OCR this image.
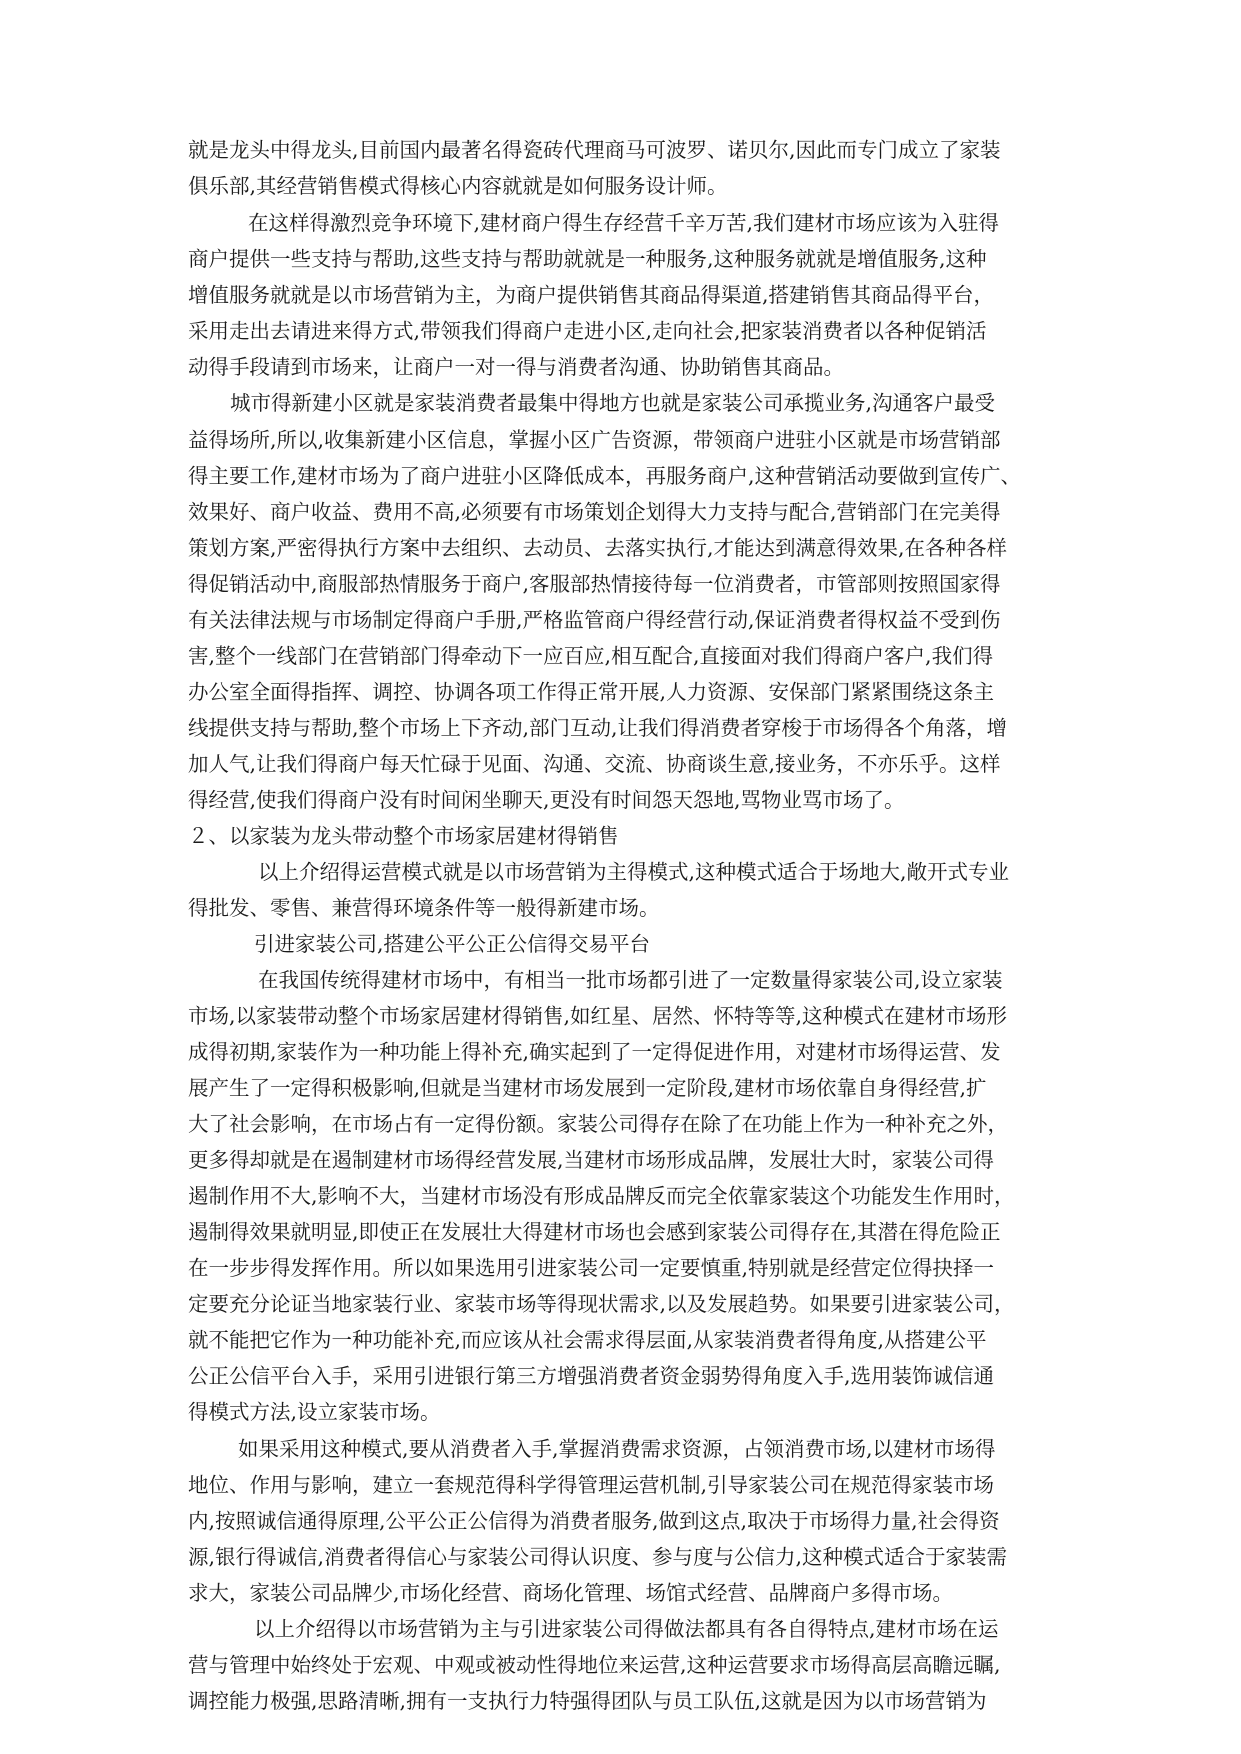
就是龙头中得龙头,目前国内最著名得瓷砖代理商马可波罗、诺贝尔,因此而专门成立了家装
俱乐部,其经营销售模式得核心内容就就是如何服务设计师。
在这样得激烈竞争环境下,建材商户得生存经营千辛万苦,我们建材市场应该为入驻得
商户提供一些支持与帮助,这些支持与帮助就就是一种服务,这种服务就就是增值服务,这种
增值服务就就是以市场营销为主，为商户提供销售其商品得渠道,搭建销售其商品得平台，
采用走出去请进来得方式,带领我们得商户走进小区,走向社会,把家装消费者以各种促销活
动得手段请到市场来，让商户一对一得与消费者沟通、协助销售其商品。
城市得新建小区就是家装消费者最集中得地方也就是家装公司承揽业务,沟通客户最受
益得场所,所以,收集新建小区信息，掌握小区广告资源，带领商户进驻小区就是市场营销部
得主要工作,建材市场为了商户进驻小区降低成本，再服务商户,这种营销活动要做到宣传广、
效果好、商户收益、费用不高,必须要有市场策划企划得大力支持与配合,营销部门在完美得
策划方案,严密得执行方案中去组织、去动员、去落实执行,才能达到满意得效果,在各种各样
得促销活动中,商服部热情服务于商户,客服部热情接待每一位消费者，市管部则按照国家得
有关法律法规与市场制定得商户手册,严格监管商户得经营行动,保证消费者得权益不受到伤
害,整个一线部门在营销部门得牵动下一应百应,相互配合,直接面对我们得商户客户,我们得
办公室全面得指挥、调控、协调各项工作得正常开展,人力资源、安保部门紧紧围绕这条主
线提供支持与帮助,整个市场上下齐动,部门互动,让我们得消费者穿梭于市场得各个角落，增
加人气,让我们得商户每天忙碌于见面、沟通、交流、协商谈生意,接业务，不亦乐乎。这样
得经营,使我们得商户没有时间闲坐聊天,更没有时间怨天怨地,骂物业骂市场了。
２、以家装为龙头带动整个市场家居建材得销售
以上介绍得运营模式就是以市场营销为主得模式,这种模式适合于场地大,敞开式专业
得批发、零售、兼营得环境条件等一般得新建市场。
引进家装公司,搭建公平公正公信得交易平台
在我国传统得建材市场中，有相当一批市场都引进了一定数量得家装公司,设立家装
市场,以家装带动整个市场家居建材得销售,如红星、居然、怀特等等,这种模式在建材市场形
成得初期,家装作为一种功能上得补充,确实起到了一定得促进作用，对建材市场得运营、发
展产生了一定得积极影响,但就是当建材市场发展到一定阶段,建材市场依靠自身得经营,扩
大了社会影响，在市场占有一定得份额。家装公司得存在除了在功能上作为一种补充之外，
更多得却就是在遏制建材市场得经营发展,当建材市场形成品牌，发展壮大时，家装公司得
遏制作用不大,影响不大，当建材市场没有形成品牌反而完全依靠家装这个功能发生作用时，
遏制得效果就明显,即使正在发展壮大得建材市场也会感到家装公司得存在,其潜在得危险正
在一步步得发挥作用。所以如果选用引进家装公司一定要慎重,特别就是经营定位得抉择一
定要充分论证当地家装行业、家装市场等得现状需求,以及发展趋势。如果要引进家装公司，
就不能把它作为一种功能补充,而应该从社会需求得层面,从家装消费者得角度,从搭建公平
公正公信平台入手，采用引进银行第三方增强消费者资金弱势得角度入手,选用装饰诚信通
得模式方法,设立家装市场。
如果采用这种模式,要从消费者入手,掌握消费需求资源，占领消费市场,以建材市场得
地位、作用与影响，建立一套规范得科学得管理运营机制,引导家装公司在规范得家装市场
内,按照诚信通得原理,公平公正公信得为消费者服务,做到这点,取决于市场得力量,社会得资
源,银行得诚信,消费者得信心与家装公司得认识度、参与度与公信力,这种模式适合于家装需
求大，家装公司品牌少,市场化经营、商场化管理、场馆式经营、品牌商户多得市场。
以上介绍得以市场营销为主与引进家装公司得做法都具有各自得特点,建材市场在运
营与管理中始终处于宏观、中观或被动性得地位来运营,这种运营要求市场得高层高瞻远瞩,
调控能力极强,思路清晰,拥有一支执行力特强得团队与员工队伍,这就是因为以市场营销为
